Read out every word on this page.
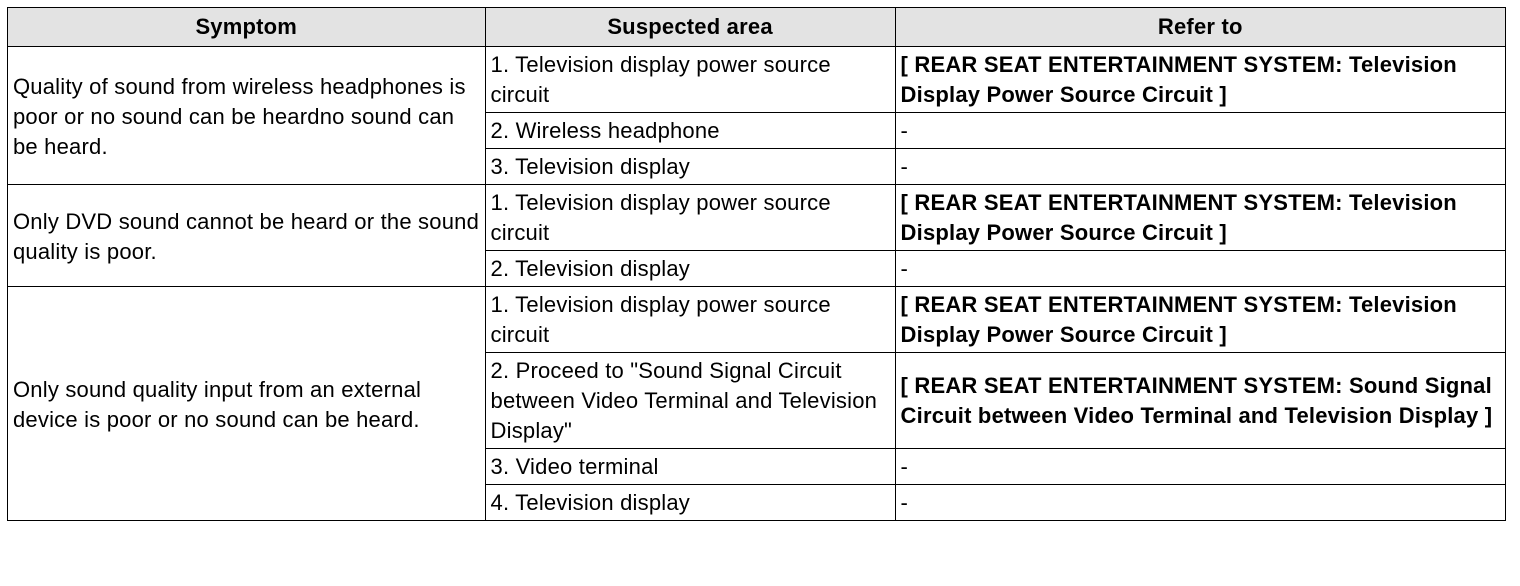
Symptom	Suspected area	Refer to
Quality of sound from wireless headphones is poor or no sound can be heardno sound can be heard.	1. Television display power source circuit	[ REAR SEAT ENTERTAINMENT SYSTEM: Television Display Power Source Circuit ]
	2. Wireless headphone	-
	3. Television display	-
Only DVD sound cannot be heard or the sound quality is poor.	1. Television display power source circuit	[ REAR SEAT ENTERTAINMENT SYSTEM: Television Display Power Source Circuit ]
	2. Television display	-
Only sound quality input from an external device is poor or no sound can be heard.	1. Television display power source circuit	[ REAR SEAT ENTERTAINMENT SYSTEM: Television Display Power Source Circuit ]
	2. Proceed to "Sound Signal Circuit between Video Terminal and Television Display"	[ REAR SEAT ENTERTAINMENT SYSTEM: Sound Signal Circuit between Video Terminal and Television Display ]
	3. Video terminal	-
	4. Television display	-
